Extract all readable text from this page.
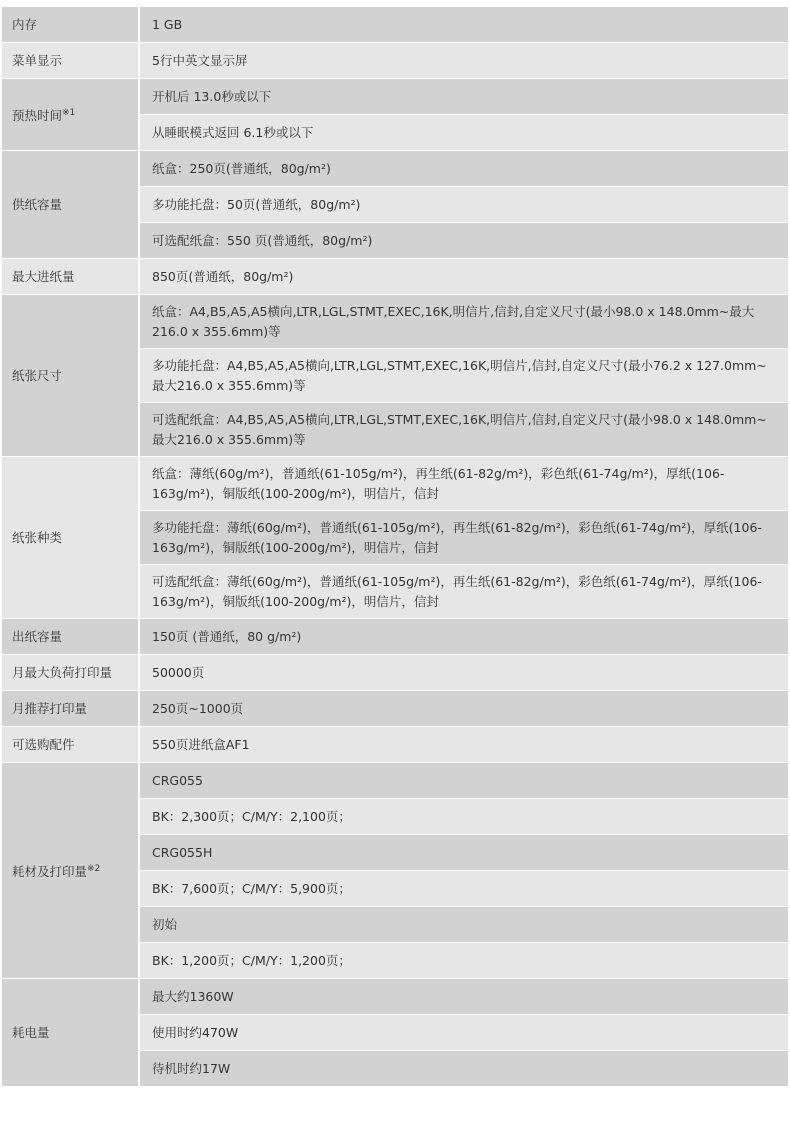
内存	1 GB
菜单显示	5行中英文显示屏
预热时间$^{※1}$	开机后 13.0秒或以下
	从睡眠模式返回 6.1秒或以下
供纸容量	纸盒：250页(普通纸，80g/m²)
	多功能托盘：50页(普通纸，80g/m²)
	可选配纸盒：550 页(普通纸，80g/m²)
最大进纸量	850页(普通纸，80g/m²)
纸张尺寸	纸盒：A4,B5,A5,A5横向,LTR,LGL,STMT,EXEC,16K,明信片,信封,自定义尺寸(最小98.0 x 148.0mm~最大216.0 x 355.6mm)等
	多功能托盘：A4,B5,A5,A5横向,LTR,LGL,STMT,EXEC,16K,明信片,信封,自定义尺寸(最小76.2 x 127.0mm~最大216.0 x 355.6mm)等
	可选配纸盒：A4,B5,A5,A5横向,LTR,LGL,STMT,EXEC,16K,明信片,信封,自定义尺寸(最小98.0 x 148.0mm~最大216.0 x 355.6mm)等
纸张种类	纸盒：薄纸(60g/m²)，普通纸(61-105g/m²)，再生纸(61-82g/m²)，彩色纸(61-74g/m²)，厚纸(106-163g/m²)，铜版纸(100-200g/m²)，明信片，信封
	多功能托盘：薄纸(60g/m²)，普通纸(61-105g/m²)，再生纸(61-82g/m²)，彩色纸(61-74g/m²)，厚纸(106-163g/m²)，铜版纸(100-200g/m²)，明信片，信封
	可选配纸盒：薄纸(60g/m²)，普通纸(61-105g/m²)，再生纸(61-82g/m²)，彩色纸(61-74g/m²)，厚纸(106-163g/m²)，铜版纸(100-200g/m²)，明信片，信封
出纸容量	150页 (普通纸，80 g/m²)
月最大负荷打印量	50000页
月推荐打印量	250页~1000页
可选购配件	550页进纸盒AF1
耗材及打印量$^{※2}$	CRG055
	BK：2,300页；C/M/Y：2,100页；
	CRG055H
	BK：7,600页；C/M/Y：5,900页；
	初始
	BK：1,200页；C/M/Y：1,200页；
耗电量	最大约1360W
	使用时约470W
	待机时约17W
